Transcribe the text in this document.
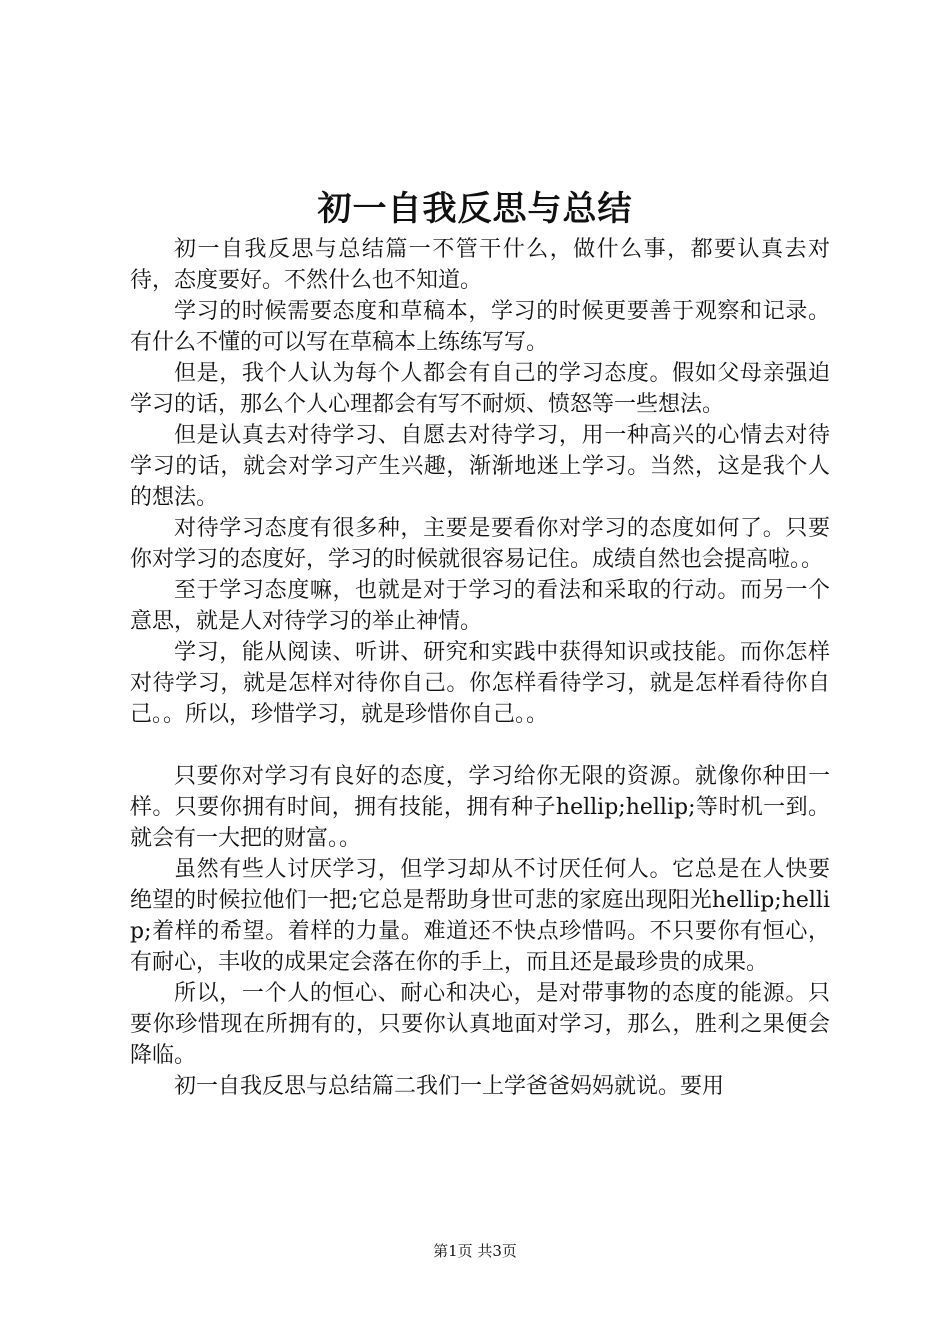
初一自我反思与总结

初一自我反思与总结篇一不管干什么，做什么事，都要认真去对待，态度要好。不然什么也不知道。

学习的时候需要态度和草稿本，学习的时候更要善于观察和记录。有什么不懂的可以写在草稿本上练练写写。

但是，我个人认为每个人都会有自己的学习态度。假如父母亲强迫学习的话，那么个人心理都会有写不耐烦、愤怒等一些想法。

但是认真去对待学习、自愿去对待学习，用一种高兴的心情去对待学习的话，就会对学习产生兴趣，渐渐地迷上学习。当然，这是我个人的想法。

对待学习态度有很多种，主要是要看你对学习的态度如何了。只要你对学习的态度好，学习的时候就很容易记住。成绩自然也会提高啦。。

至于学习态度嘛，也就是对于学习的看法和采取的行动。而另一个意思，就是人对待学习的举止神情。

学习，能从阅读、听讲、研究和实践中获得知识或技能。而你怎样对待学习，就是怎样对待你自己。你怎样看待学习，就是怎样看待你自己。。所以，珍惜学习，就是珍惜你自己。。

只要你对学习有良好的态度，学习给你无限的资源。就像你种田一样。只要你拥有时间，拥有技能，拥有种子hellip;hellip;等时机一到。就会有一大把的财富。。

虽然有些人讨厌学习，但学习却从不讨厌任何人。它总是在人快要绝望的时候拉他们一把;它总是帮助身世可悲的家庭出现阳光hellip;hellip;着样的希望。着样的力量。难道还不快点珍惜吗。不只要你有恒心，有耐心，丰收的成果定会落在你的手上，而且还是最珍贵的成果。

所以，一个人的恒心、耐心和决心，是对带事物的态度的能源。只要你珍惜现在所拥有的，只要你认真地面对学习，那么，胜利之果便会降临。

初一自我反思与总结篇二我们一上学爸爸妈妈就说。要用

第1页 共3页
